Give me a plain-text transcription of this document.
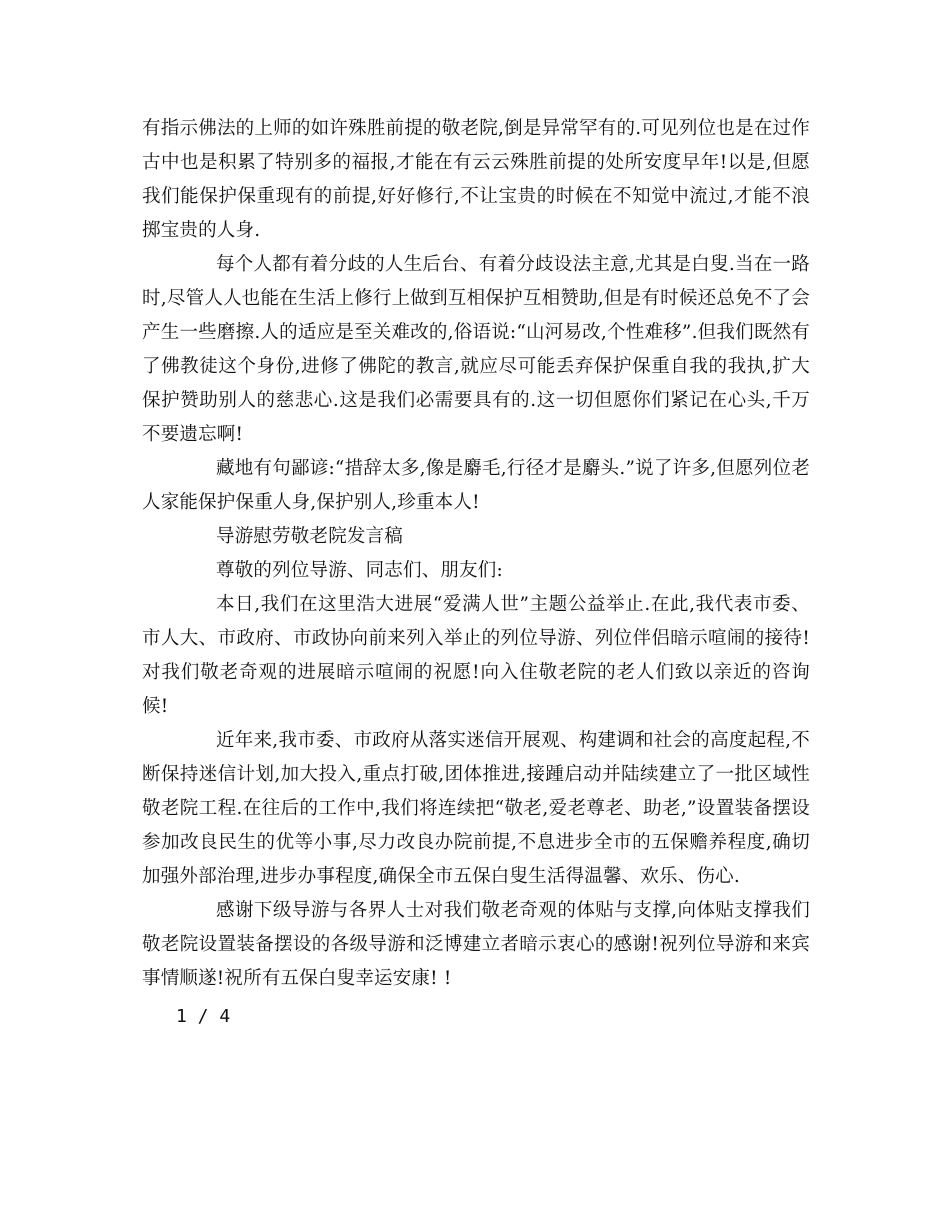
有指示佛法的上师的如许殊胜前提的敬老院,倒是异常罕有的.可见列位也是在过作古中也是积累了特别多的福报,才能在有云云殊胜前提的处所安度早年!以是,但愿我们能保护保重现有的前提,好好修行,不让宝贵的时候在不知觉中流过,才能不浪掷宝贵的人身.

每个人都有着分歧的人生后台、有着分歧设法主意,尤其是白叟.当在一路时,尽管人人也能在生活上修行上做到互相保护互相赞助,但是有时候还总免不了会产生一些磨擦.人的适应是至关难改的,俗语说:“山河易改,个性难移”.但我们既然有了佛教徒这个身份,进修了佛陀的教言,就应尽可能丢弃保护保重自我的我执,扩大保护赞助别人的慈悲心.这是我们必需要具有的.这一切但愿你们紧记在心头,千万不要遗忘啊!

藏地有句鄙谚:“措辞太多,像是麝毛,行径才是麝头.”说了许多,但愿列位老人家能保护保重人身,保护别人,珍重本人!

导游慰劳敬老院发言稿

尊敬的列位导游、同志们、朋友们:

本日,我们在这里浩大进展“爱满人世”主题公益举止.在此,我代表市委、市人大、市政府、市政协向前来列入举止的列位导游、列位伴侣暗示喧闹的接待!对我们敬老奇观的进展暗示喧闹的祝愿!向入住敬老院的老人们致以亲近的咨询候!

近年来,我市委、市政府从落实迷信开展观、构建调和社会的高度起程,不断保持迷信计划,加大投入,重点打破,团体推进,接踵启动并陆续建立了一批区域性敬老院工程.在往后的工作中,我们将连续把“敬老,爱老尊老、助老,”设置装备摆设参加改良民生的优等小事,尽力改良办院前提,不息进步全市的五保赡养程度,确切加强外部治理,进步办事程度,确保全市五保白叟生活得温馨、欢乐、伤心.

感谢下级导游与各界人士对我们敬老奇观的体贴与支撑,向体贴支撑我们敬老院设置装备摆设的各级导游和泛博建立者暗示衷心的感谢!祝列位导游和来宾事情顺遂!祝所有五保白叟幸运安康! !

1 / 4
